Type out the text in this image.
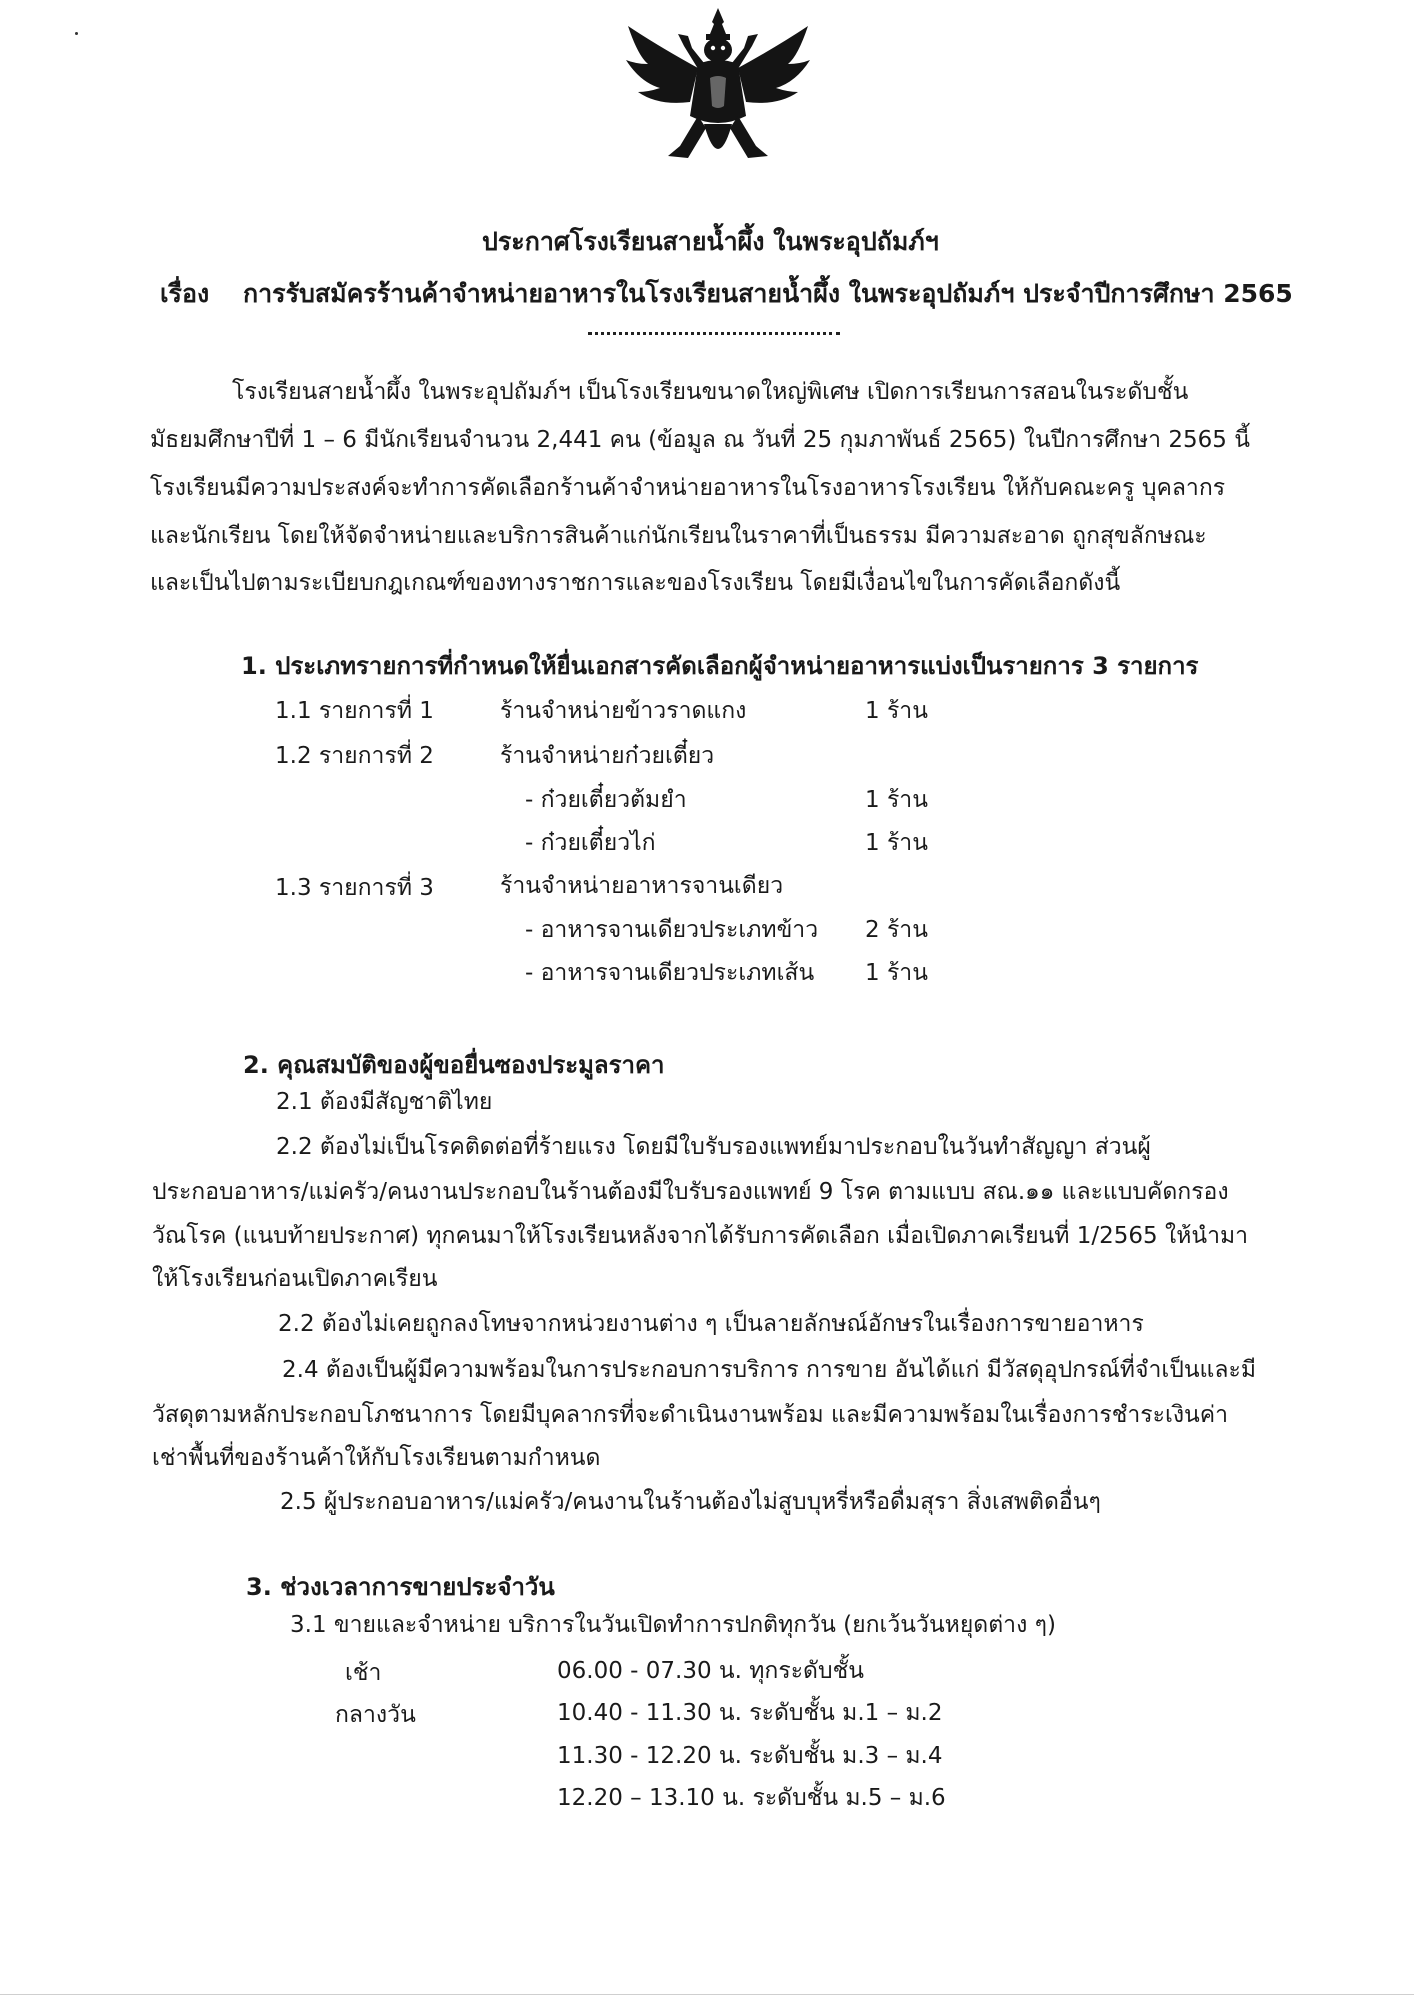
ประกาศโรงเรียนสายน้ำผึ้ง ในพระอุปถัมภ์ฯ
เรื่อง การรับสมัครร้านค้าจำหน่ายอาหารในโรงเรียนสายน้ำผึ้ง ในพระอุปถัมภ์ฯ ประจำปีการศึกษา 2565
โรงเรียนสายน้ำผึ้ง ในพระอุปถัมภ์ฯ เป็นโรงเรียนขนาดใหญ่พิเศษ เปิดการเรียนการสอนในระดับชั้น
มัธยมศึกษาปีที่ 1 – 6 มีนักเรียนจำนวน 2,441 คน (ข้อมูล ณ วันที่ 25 กุมภาพันธ์ 2565) ในปีการศึกษา 2565 นี้
โรงเรียนมีความประสงค์จะทำการคัดเลือกร้านค้าจำหน่ายอาหารในโรงอาหารโรงเรียน ให้กับคณะครู บุคลากร
และนักเรียน โดยให้จัดจำหน่ายและบริการสินค้าแก่นักเรียนในราคาที่เป็นธรรม มีความสะอาด ถูกสุขลักษณะ
และเป็นไปตามระเบียบกฎเกณฑ์ของทางราชการและของโรงเรียน โดยมีเงื่อนไขในการคัดเลือกดังนี้
1. ประเภทรายการที่กำหนดให้ยื่นเอกสารคัดเลือกผู้จำหน่ายอาหารแบ่งเป็นรายการ 3 รายการ
1.1 รายการที่ 1	ร้านจำหน่ายข้าวราดแกง	1 ร้าน
1.2 รายการที่ 2	ร้านจำหน่ายก๋วยเตี๋ยว
- ก๋วยเตี๋ยวต้มยำ	1 ร้าน
- ก๋วยเตี๋ยวไก่	1 ร้าน
1.3 รายการที่ 3	ร้านจำหน่ายอาหารจานเดียว
- อาหารจานเดียวประเภทข้าว 2 ร้าน
- อาหารจานเดียวประเภทเส้น 1 ร้าน
2. คุณสมบัติของผู้ขอยื่นซองประมูลราคา
2.1 ต้องมีสัญชาติไทย
2.2 ต้องไม่เป็นโรคติดต่อที่ร้ายแรง โดยมีใบรับรองแพทย์มาประกอบในวันทำสัญญา ส่วนผู้
ประกอบอาหาร/แม่ครัว/คนงานประกอบในร้านต้องมีใบรับรองแพทย์ 9 โรค ตามแบบ สณ.๑๑ และแบบคัดกรอง
วัณโรค (แนบท้ายประกาศ) ทุกคนมาให้โรงเรียนหลังจากได้รับการคัดเลือก เมื่อเปิดภาคเรียนที่ 1/2565 ให้นำมา
ให้โรงเรียนก่อนเปิดภาคเรียน
2.2 ต้องไม่เคยถูกลงโทษจากหน่วยงานต่าง ๆ เป็นลายลักษณ์อักษรในเรื่องการขายอาหาร
2.4 ต้องเป็นผู้มีความพร้อมในการประกอบการบริการ การขาย อันได้แก่ มีวัสดุอุปกรณ์ที่จำเป็นและมี
วัสดุตามหลักประกอบโภชนาการ โดยมีบุคลากรที่จะดำเนินงานพร้อม และมีความพร้อมในเรื่องการชำระเงินค่า
เช่าพื้นที่ของร้านค้าให้กับโรงเรียนตามกำหนด
2.5 ผู้ประกอบอาหาร/แม่ครัว/คนงานในร้านต้องไม่สูบบุหรี่หรือดื่มสุรา สิ่งเสพติดอื่นๆ
3. ช่วงเวลาการขายประจำวัน
3.1 ขายและจำหน่าย บริการในวันเปิดทำการปกติทุกวัน (ยกเว้นวันหยุดต่าง ๆ)
เช้า	06.00 - 07.30 น. ทุกระดับชั้น
กลางวัน	10.40 - 11.30 น. ระดับชั้น ม.1 – ม.2
11.30 - 12.20 น. ระดับชั้น ม.3 – ม.4
12.20 – 13.10 น. ระดับชั้น ม.5 – ม.6
